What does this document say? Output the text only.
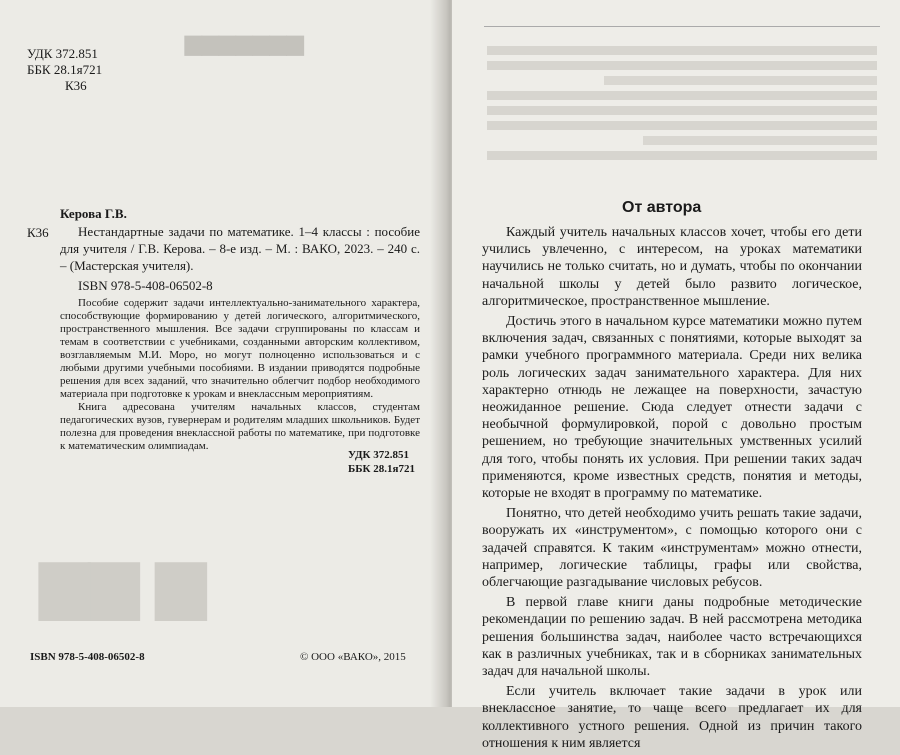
▆▆▆▆▆▆▆
▆ ▆▆
УДК 372.851
ББК 28.1я721
К36
Керова Г.В.
К36	Нестандартные задачи по математике. 1–4 классы : пособие для учителя / Г.В. Керова. – 8-е изд. – М. : ВАКО, 2023. – 240 с. – (Мастерская учителя).
ISBN 978-5-408-06502-8

Пособие содержит задачи интеллектуально-занимательного характера, способствующие формированию у детей логического, алгоритмического, пространственного мышления. Все задачи сгруппированы по классам и темам в соответствии с учебниками, созданными авторским коллективом, возглавляемым М.И. Моро, но могут полноценно использоваться и с любыми другими учебными пособиями. В издании приводятся подробные решения для всех заданий, что значительно облегчит подбор необходимого материала при подготовке к урокам и внеклассным мероприятиям.

Книга адресована учителям начальных классов, студентам педагогических вузов, гувернерам и родителям младших школьников. Будет полезна для проведения внеклассной работы по математике, при подготовке к математическим олимпиадам.

УДК 372.851
ББК 28.1я721
ISBN 978-5-408-06502-8	© ООО «ВАКО», 2015
От автора

Каждый учитель начальных классов хочет, чтобы его дети учились увлеченно, с интересом, на уроках математики научились не только считать, но и думать, чтобы по окончании начальной школы у детей было развито логическое, алгоритмическое, пространственное мышление.

Достичь этого в начальном курсе математики можно путем включения задач, связанных с понятиями, которые выходят за рамки учебного программного материала. Среди них велика роль логических задач занимательного характера. Для них характерно отнюдь не лежащее на поверхности, зачастую неожиданное решение. Сюда следует отнести задачи с необычной формулировкой, порой с довольно простым решением, но требующие значительных умственных усилий для того, чтобы понять их условия. При решении таких задач применяются, кроме известных средств, понятия и методы, которые не входят в программу по математике.

Понятно, что детей необходимо учить решать такие задачи, вооружать их «инструментом», с помощью которого они с задачей справятся. К таким «инструментам» можно отнести, например, логические таблицы, графы или свойства, облегчающие разгадывание числовых ребусов.

В первой главе книги даны подробные методические рекомендации по решению задач. В ней рассмотрена методика решения большинства задач, наиболее часто встречающихся как в различных учебниках, так и в сборниках занимательных задач для начальной школы.

Если учитель включает такие задачи в урок или внеклассное занятие, то чаще всего предлагает их для коллективного устного решения. Одной из причин такого отношения к ним является
